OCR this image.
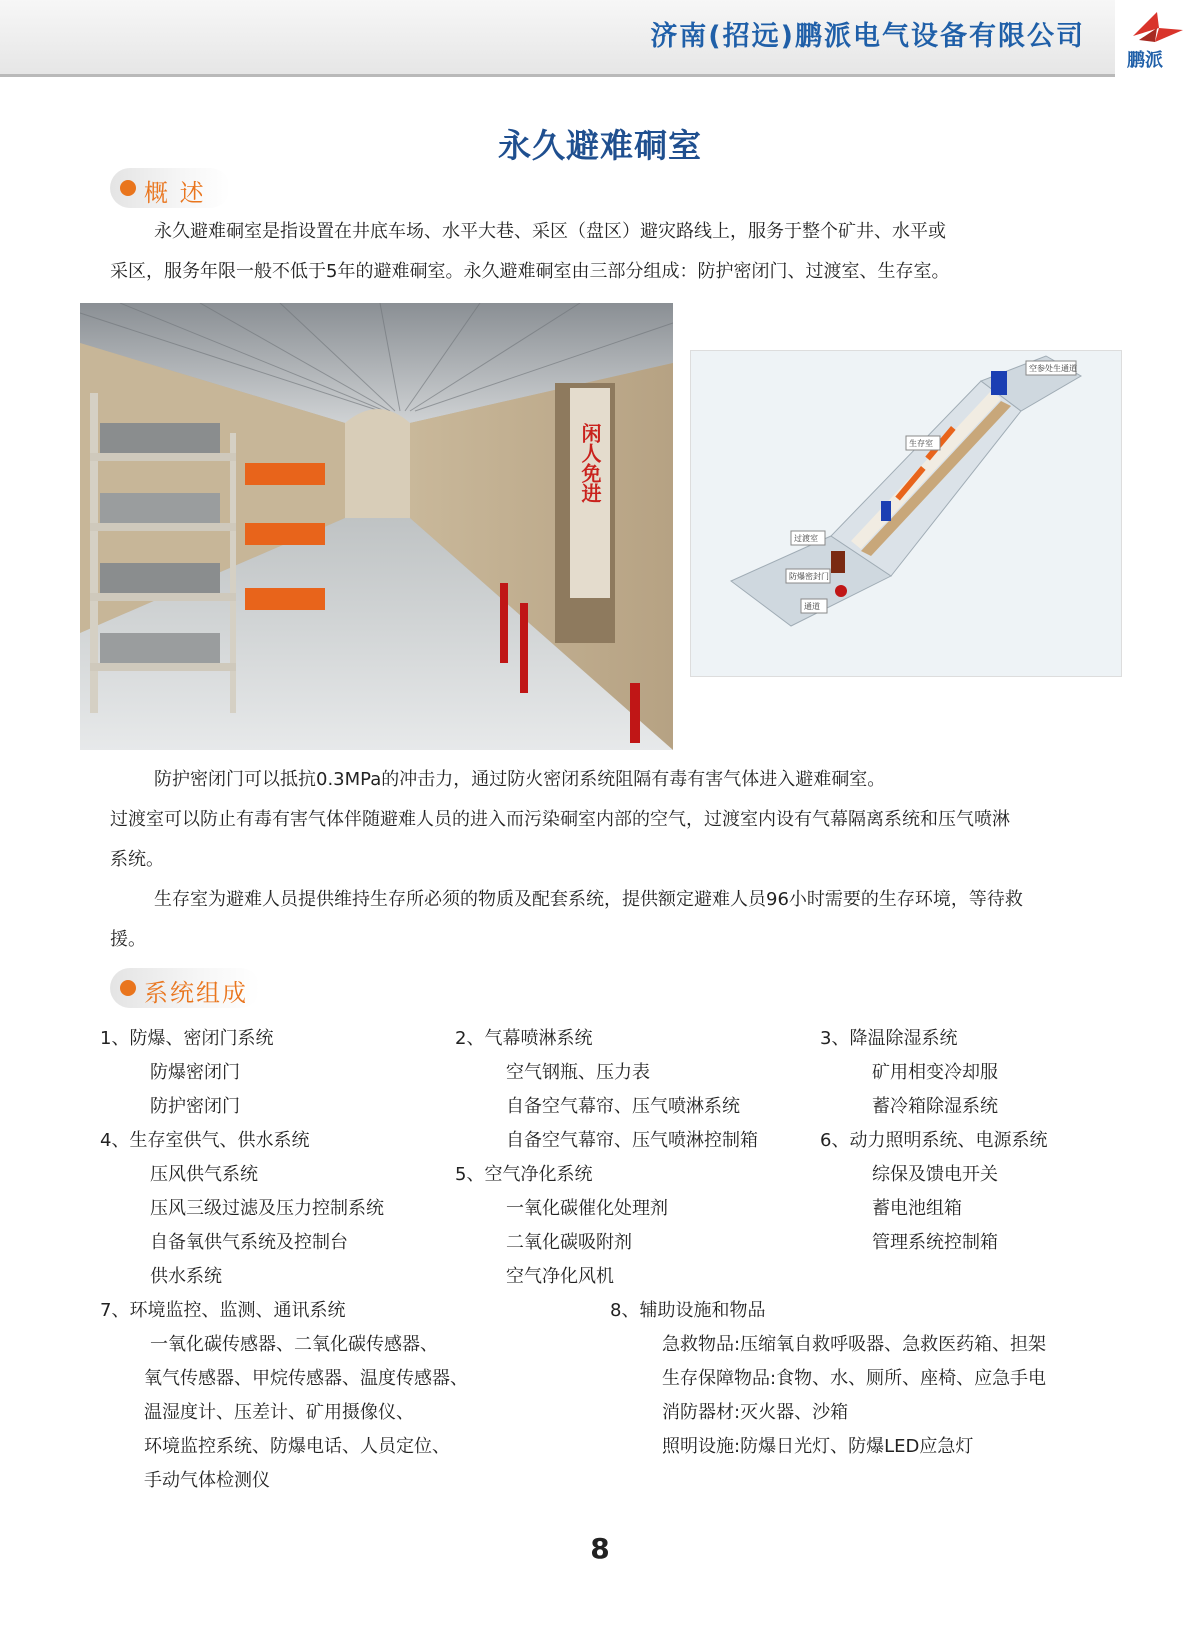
济南(招远)鹏派电气设备有限公司
鹏派
永久避难硐室
概 述
永久避难硐室是指设置在井底车场、水平大巷、采区（盘区）避灾路线上，服务于整个矿井、水平或
采区，服务年限一般不低于5年的避难硐室。永久避难硐室由三部分组成：防护密闭门、过渡室、生存室。
闲人免进
空参处生通道
生存室
过渡室
防爆密封门
通道
防护密闭门可以抵抗0.3MPa的冲击力，通过防火密闭系统阻隔有毒有害气体进入避难硐室。
过渡室可以防止有毒有害气体伴随避难人员的进入而污染硐室内部的空气，过渡室内设有气幕隔离系统和压气喷淋
系统。
生存室为避难人员提供维持生存所必须的物质及配套系统，提供额定避难人员96小时需要的生存环境，等待救
援。
系统组成
1、防爆、密闭门系统
防爆密闭门
防护密闭门
4、生存室供气、供水系统
压风供气系统
压风三级过滤及压力控制系统
自备氧供气系统及控制台
供水系统
7、环境监控、监测、通讯系统
一氧化碳传感器、二氧化碳传感器、
氧气传感器、甲烷传感器、温度传感器、
温湿度计、压差计、矿用摄像仪、
环境监控系统、防爆电话、人员定位、
手动气体检测仪
2、气幕喷淋系统
空气钢瓶、压力表
自备空气幕帘、压气喷淋系统
自备空气幕帘、压气喷淋控制箱
5、空气净化系统
一氧化碳催化处理剂
二氧化碳吸附剂
空气净化风机
3、降温除湿系统
矿用相变冷却服
蓄冷箱除湿系统
6、动力照明系统、电源系统
综保及馈电开关
蓄电池组箱
管理系统控制箱
8、辅助设施和物品
急救物品:压缩氧自救呼吸器、急救医药箱、担架
生存保障物品:食物、水、厕所、座椅、应急手电
消防器材:灭火器、沙箱
照明设施:防爆日光灯、防爆LED应急灯
8
